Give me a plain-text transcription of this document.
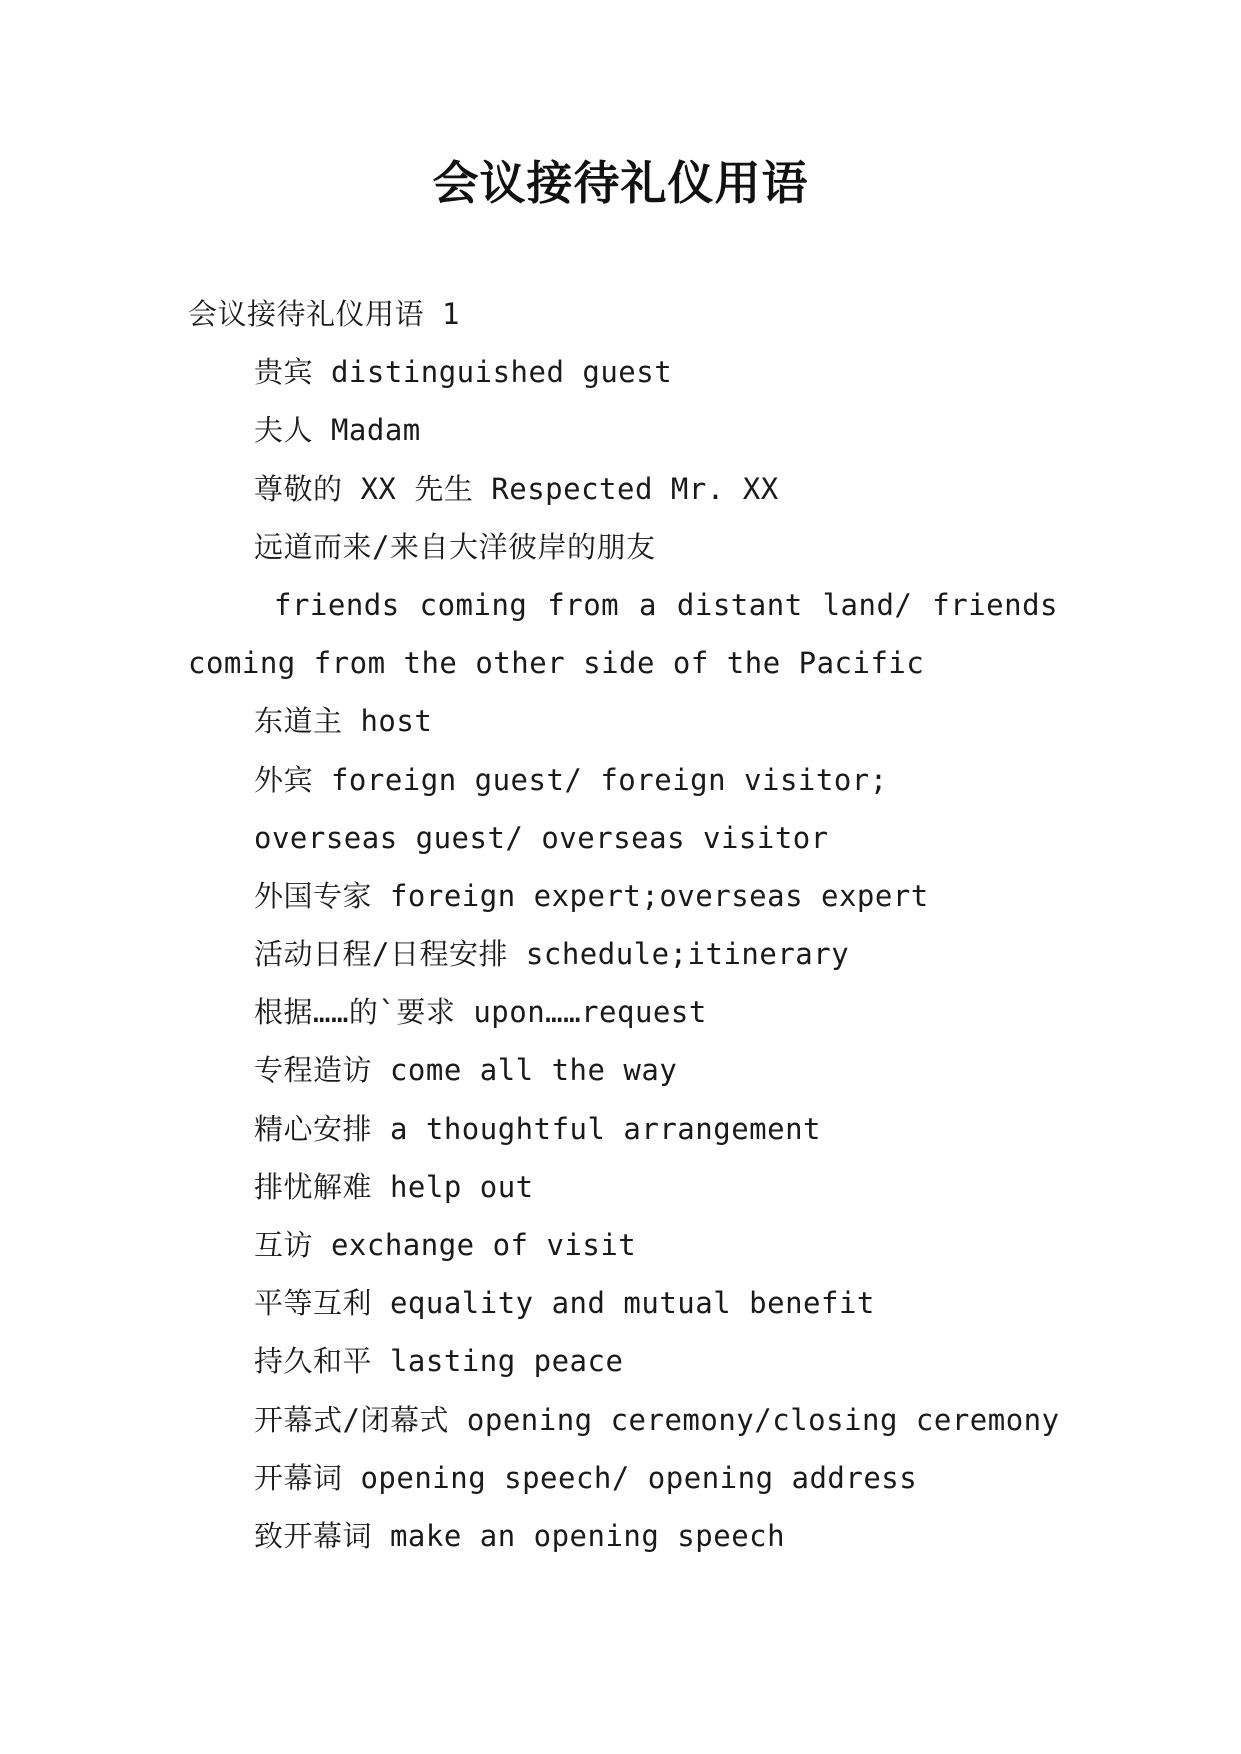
会议接待礼仪用语
会议接待礼仪用语 1
贵宾 distinguished guest
夫人 Madam
尊敬的 XX 先生 Respected Mr. XX
远道而来/来自大洋彼岸的朋友
friends coming from a distant land/ friends
coming from the other side of the Pacific
东道主 host
外宾 foreign guest/ foreign visitor;
overseas guest/ overseas visitor
外国专家 foreign expert;overseas expert
活动日程/日程安排 schedule;itinerary
根据……的`要求 upon……request
专程造访 come all the way
精心安排 a thoughtful arrangement
排忧解难 help out
互访 exchange of visit
平等互利 equality and mutual benefit
持久和平 lasting peace
开幕式/闭幕式 opening ceremony/closing ceremony
开幕词 opening speech/ opening address
致开幕词 make an opening speech
